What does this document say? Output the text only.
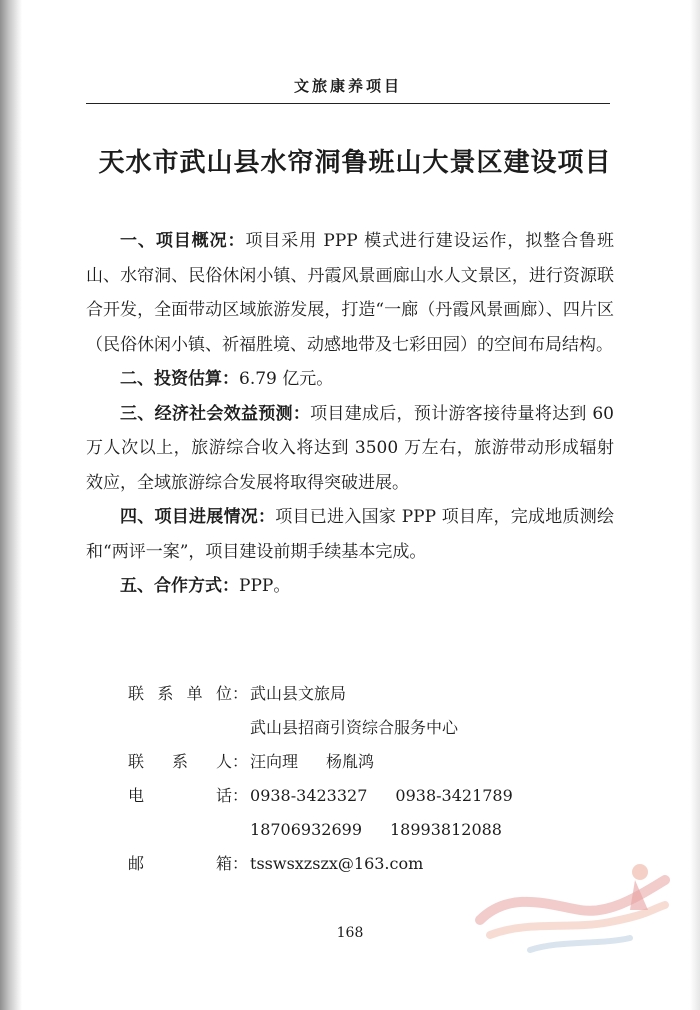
文旅康养项目
天水市武山县水帘洞鲁班山大景区建设项目

一、项目概况：项目采用 PPP 模式进行建设运作，拟整合鲁班山、水帘洞、民俗休闲小镇、丹霞风景画廊山水人文景区，进行资源联合开发，全面带动区域旅游发展，打造“一廊（丹霞风景画廊）、四片区（民俗休闲小镇、祈福胜境、动感地带及七彩田园）的空间布局结构。

二、投资估算：6.79 亿元。

三、经济社会效益预测：项目建成后，预计游客接待量将达到 60 万人次以上，旅游综合收入将达到 3500 万左右，旅游带动形成辐射效应，全域旅游综合发展将取得突破进展。

四、项目进展情况：项目已进入国家 PPP 项目库，完成地质测绘和“两评一案”，项目建设前期手续基本完成。

五、合作方式：PPP。

联 系 单 位 ： 武山县文旅局
武山县招商引资综合服务中心
联 系 人 ： 汪向理 杨胤鸿
电	话 ： 0938-3423327 0938-3421789
18706932699 18993812088
邮	箱 ： tsswsxzszx@163.com
168
